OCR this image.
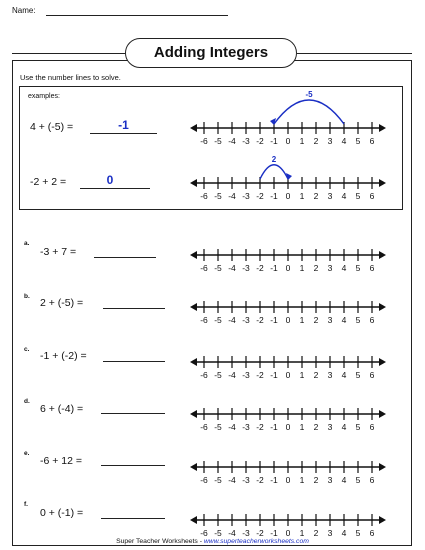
Name:
Adding Integers
Use the number lines to solve.
examples:
4 + (-5) =	-1
-6 -5 -4 -3 -2 -1 0 1 2 3 4 5 6
-5
-2 + 2 =	0
-6 -5 -4 -3 -2 -1 0 1 2 3 4 5 6
2
a.
-3 + 7 =
-6 -5 -4 -3 -2 -1 0 1 2 3 4 5 6
b.
2 + (-5) =
-6 -5 -4 -3 -2 -1 0 1 2 3 4 5 6
c.
-1 + (-2) =
-6 -5 -4 -3 -2 -1 0 1 2 3 4 5 6
d.
6 + (-4) =
-6 -5 -4 -3 -2 -1 0 1 2 3 4 5 6
e.
-6 + 12 =
-6 -5 -4 -3 -2 -1 0 1 2 3 4 5 6
f.
0 + (-1) =
-6 -5 -4 -3 -2 -1 0 1 2 3 4 5 6
Super Teacher Worksheets - www.superteacherworksheets.com
